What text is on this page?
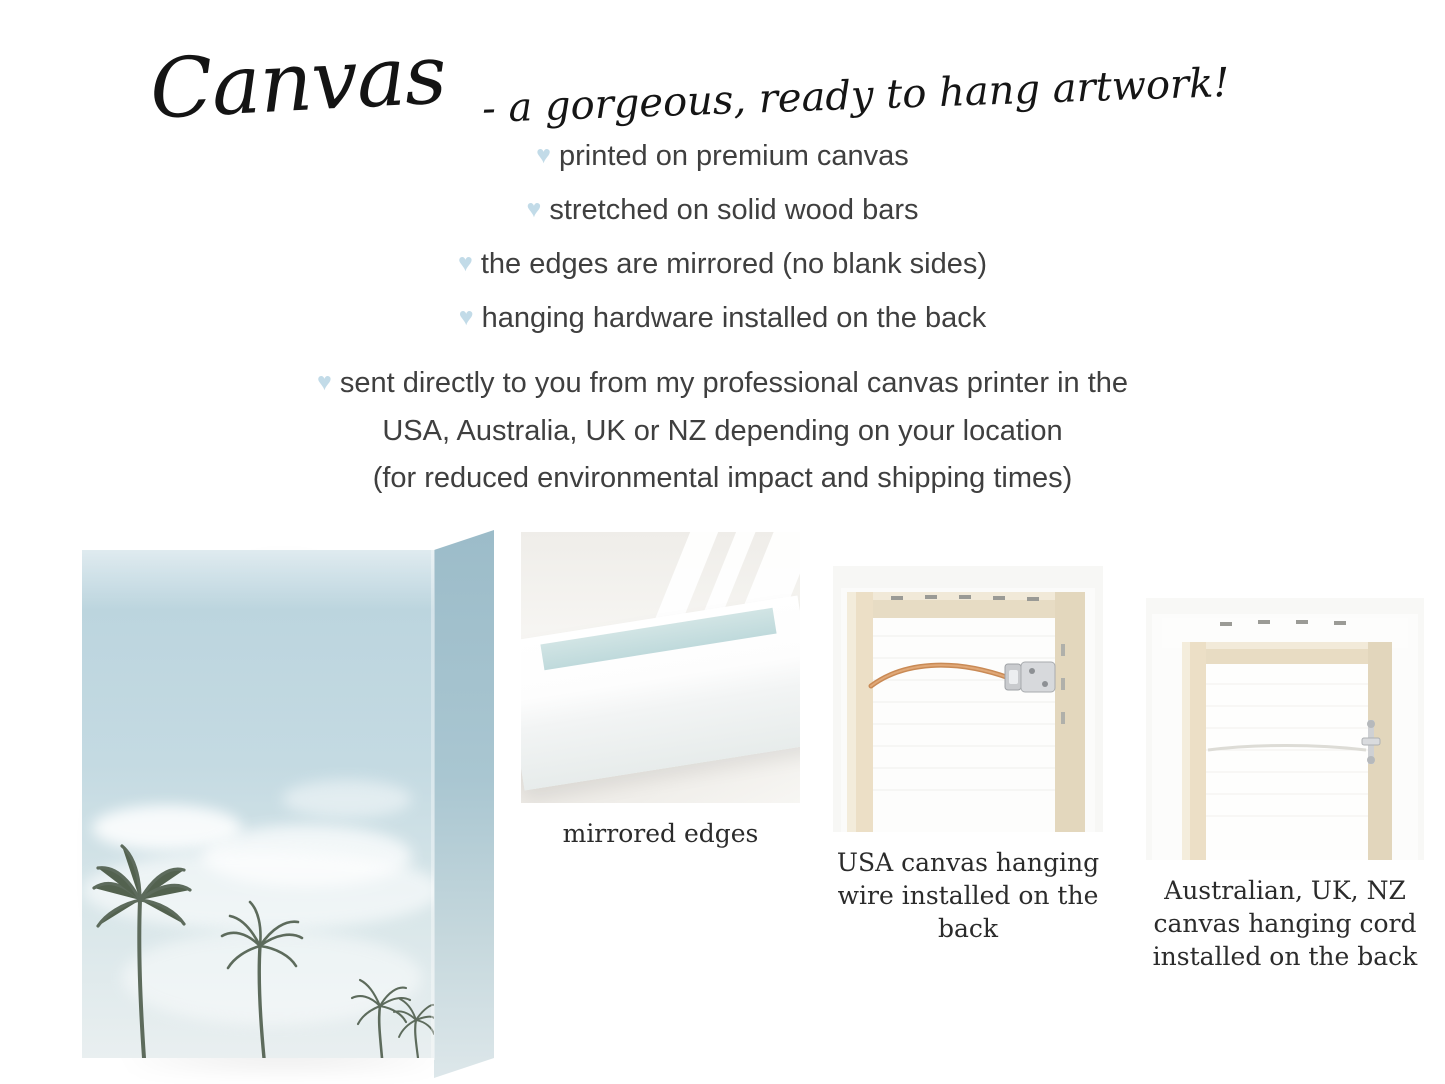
Canvas - a gorgeous, ready to hang artwork!
♥ printed on premium canvas
♥ stretched on solid wood bars
♥ the edges are mirrored (no blank sides)
♥ hanging hardware installed on the back
♥ sent directly to you from my professional canvas printer in the
USA, Australia, UK or NZ depending on your location
(for reduced environmental impact and shipping times)
mirrored edges
USA canvas hanging wire installed on the back
Australian, UK, NZ canvas hanging cord installed on the back
